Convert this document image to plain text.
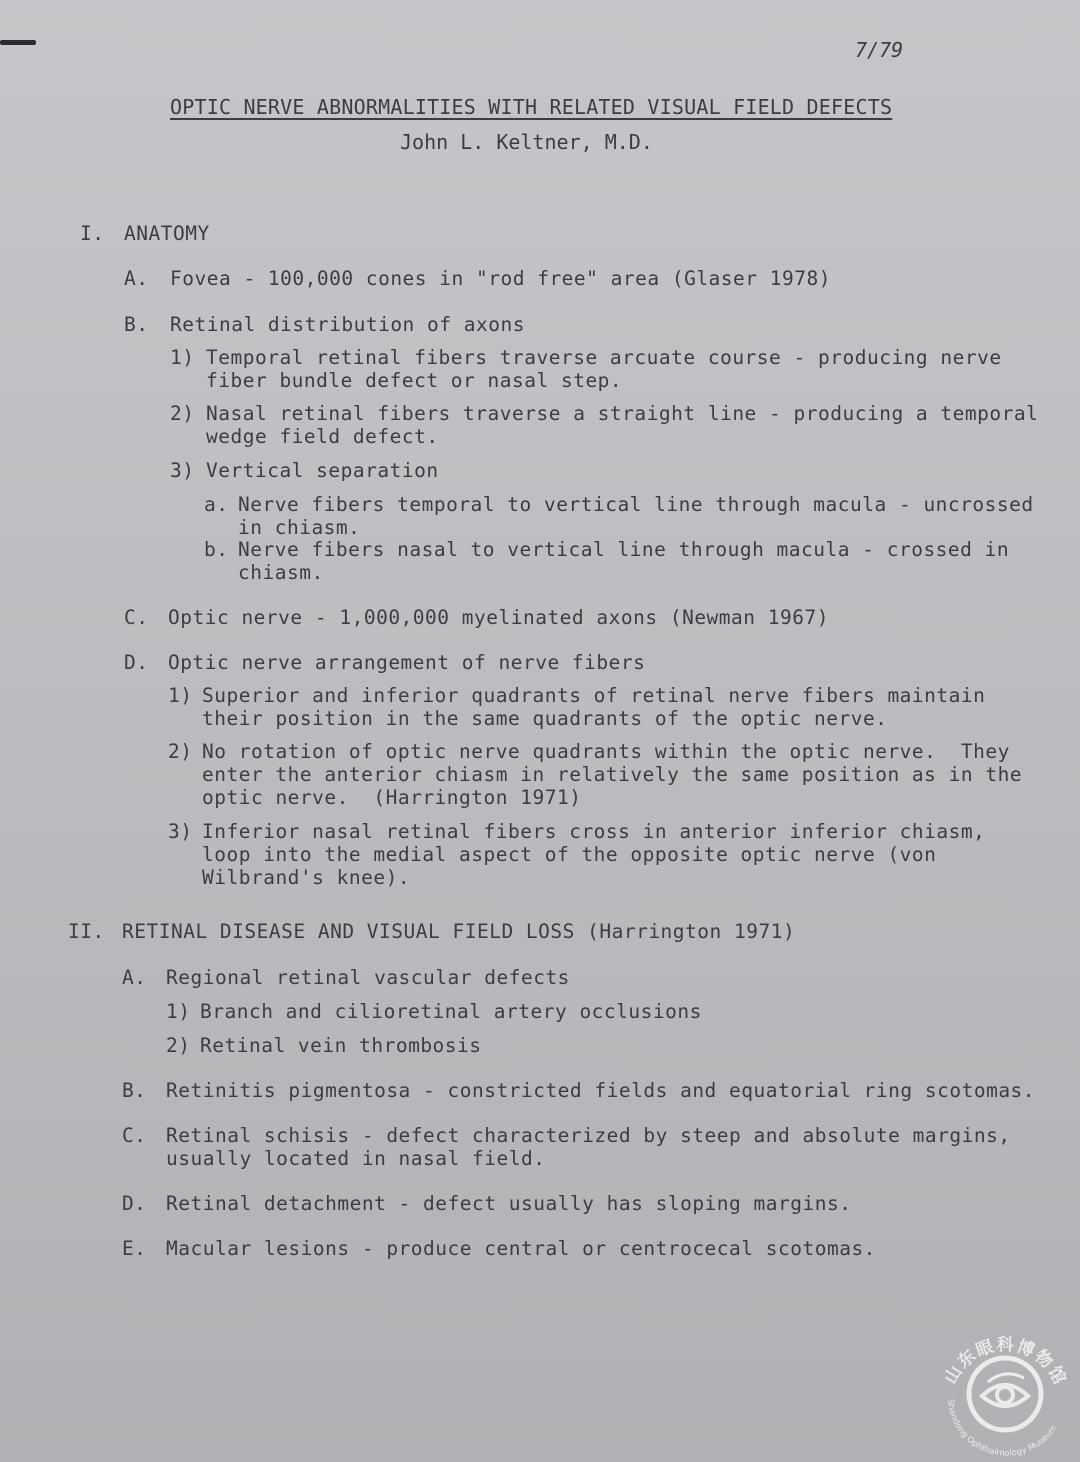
7/79
OPTIC NERVE ABNORMALITIES WITH RELATED VISUAL FIELD DEFECTS
John L. Keltner, M.D.
I. ANATOMY
A. Fovea - 100,000 cones in "rod free" area (Glaser 1978)
B. Retinal distribution of axons
1) Temporal retinal fibers traverse arcuate course - producing nerve
fiber bundle defect or nasal step.
2) Nasal retinal fibers traverse a straight line - producing a temporal
wedge field defect.
3) Vertical separation
a. Nerve fibers temporal to vertical line through macula - uncrossed
in chiasm.
b. Nerve fibers nasal to vertical line through macula - crossed in
chiasm.
C. Optic nerve - 1,000,000 myelinated axons (Newman 1967)
D. Optic nerve arrangement of nerve fibers
1) Superior and inferior quadrants of retinal nerve fibers maintain
their position in the same quadrants of the optic nerve.
2) No rotation of optic nerve quadrants within the optic nerve.  They
enter the anterior chiasm in relatively the same position as in the
optic nerve.  (Harrington 1971)
3) Inferior nasal retinal fibers cross in anterior inferior chiasm,
loop into the medial aspect of the opposite optic nerve (von
Wilbrand's knee).
II. RETINAL DISEASE AND VISUAL FIELD LOSS (Harrington 1971)
A. Regional retinal vascular defects
1) Branch and cilioretinal artery occlusions
2) Retinal vein thrombosis
B. Retinitis pigmentosa - constricted fields and equatorial ring scotomas.
C. Retinal schisis - defect characterized by steep and absolute margins,
usually located in nasal field.
D. Retinal detachment - defect usually has sloping margins.
E. Macular lesions - produce central or centrocecal scotomas.
山东眼科博物馆
Shandong Ophthalmology Museum
